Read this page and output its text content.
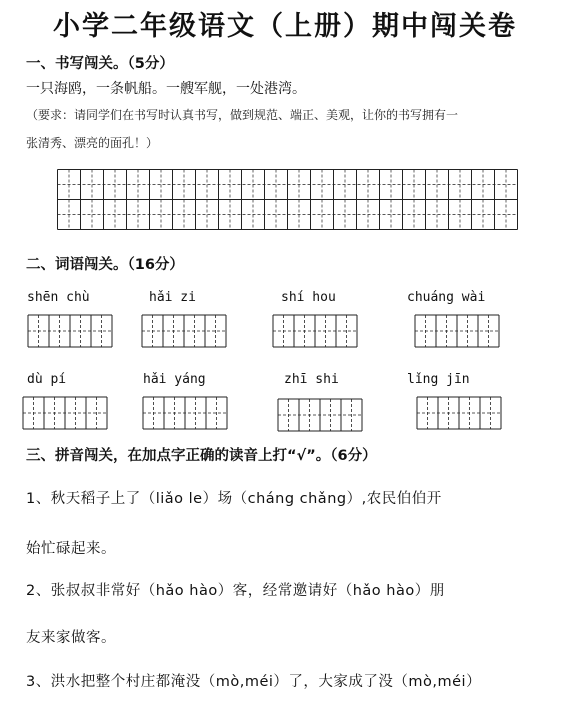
小学二年级语文（上册）期中闯关卷
一、书写闯关。（5分）
一只海鸥，一条帆船。一艘军舰，一处港湾。
（要求：请同学们在书写时认真书写，做到规范、端正、美观，让你的书写拥有一
张清秀、漂亮的面孔！）
二、词语闯关。（16分）
shēn chù	hǎi zi	shí hou	chuáng wài
dù pí	hǎi yáng	zhī shi	lǐng jīn
三、拼音闯关，在加点字正确的读音上打“√”。（6分）
1、秋天稻子上了（liǎo le）场（cháng chǎng）,农民伯伯开
始忙碌起来。
2、张叔叔非常好（hǎo hào）客，经常邀请好（hǎo hào）朋
友来家做客。
3、洪水把整个村庄都淹没（mò,méi）了，大家成了没（mò,méi）
